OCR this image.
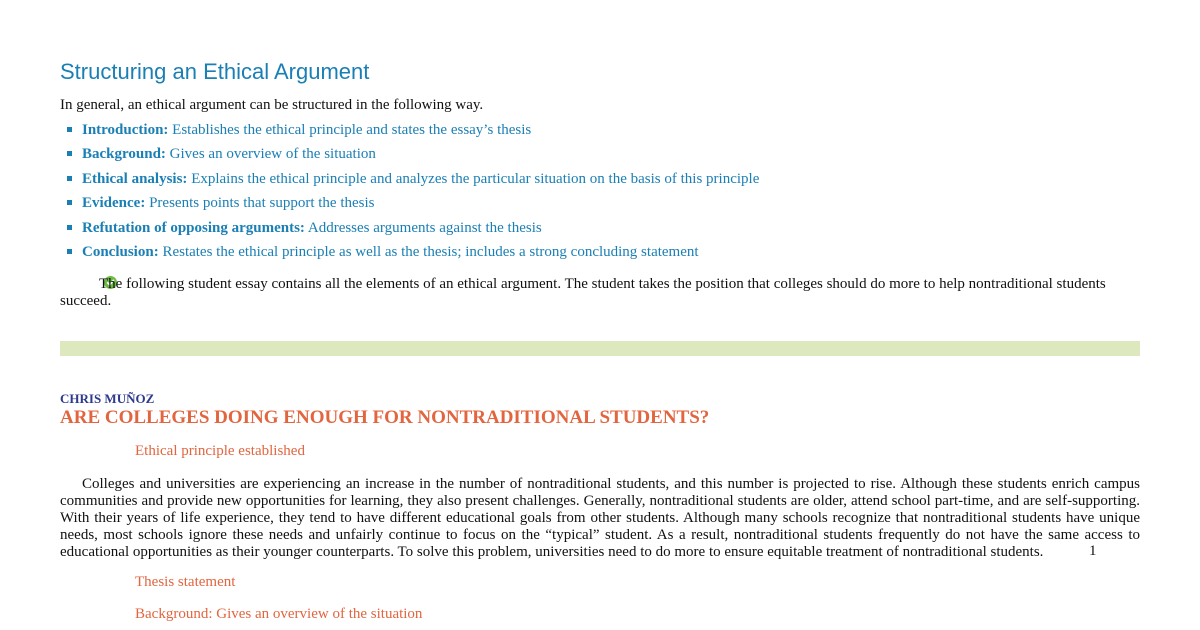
Structuring an Ethical Argument

In general, an ethical argument can be structured in the following way.

Introduction: Establishes the ethical principle and states the essay’s thesis
Background: Gives an overview of the situation
Ethical analysis: Explains the ethical principle and analyzes the particular situation on the basis of this principle
Evidence: Presents points that support the thesis
Refutation of opposing arguments: Addresses arguments against the thesis
Conclusion: Restates the ethical principle as well as the thesis; includes a strong concluding statement

The following student essay contains all the elements of an ethical argument. The student takes the position that colleges should do more to help nontraditional students succeed.

CHRIS MUÑOZ

ARE COLLEGES DOING ENOUGH FOR NONTRADITIONAL STUDENTS?

Ethical principle established

Colleges and universities are experiencing an increase in the number of nontraditional students, and this number is projected to rise. Although these students enrich campus communities and provide new opportunities for learning, they also present challenges. Generally, nontraditional students are older, attend school part-time, and are self-supporting. With their years of life experience, they tend to have different educational goals from other students. Although many schools recognize that nontraditional students have unique needs, most schools ignore these needs and unfairly continue to focus on the “typical” student. As a result, nontraditional students frequently do not have the same access to educational opportunities as their younger counterparts. To solve this problem, universities need to do more to ensure equitable treatment of nontraditional students.	1

Thesis statement

Background: Gives an overview of the situation
